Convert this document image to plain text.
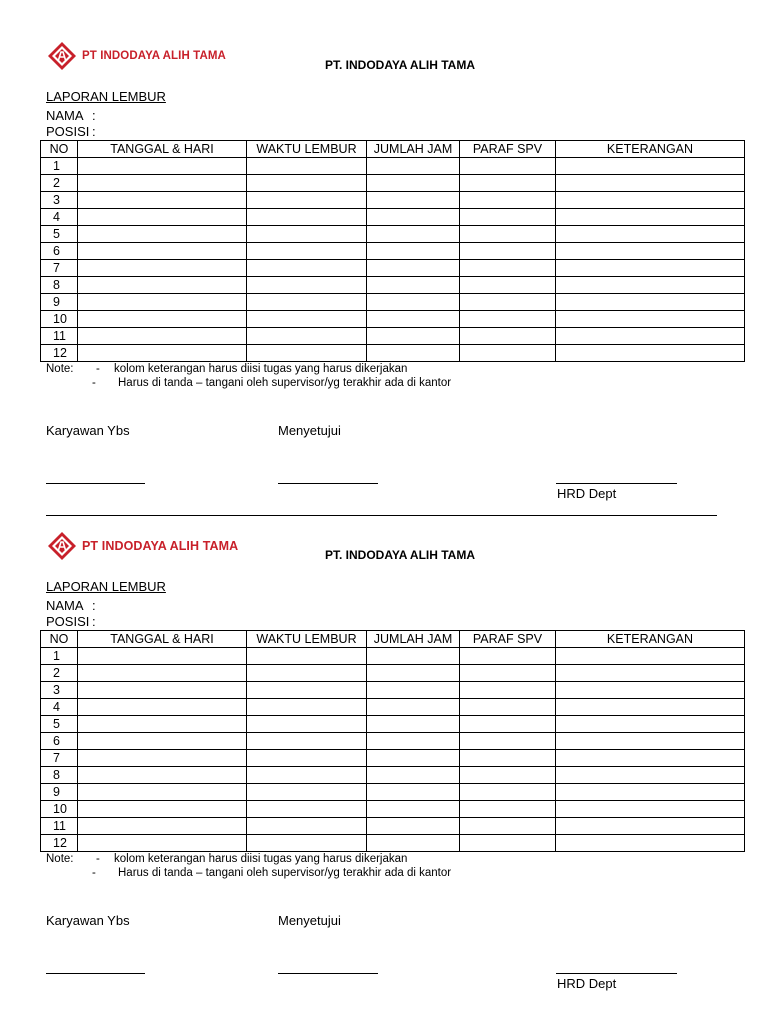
PT INDODAYA ALIH TAMA
PT. INDODAYA ALIH TAMA
LAPORAN LEMBUR
NAMA :
POSISI :
NO	TANGGAL & HARI	WAKTU LEMBUR	JUMLAH JAM	PARAF SPV	KETERANGAN
1					
2					
3					
4					
5					
6					
7					
8					
9					
10					
11					
12					
Note: - kolom keterangan harus diisi tugas yang harus dikerjakan
- Harus di tanda – tangani oleh supervisor/yg terakhir ada di kantor
Karyawan Ybs	Menyetujui
HRD Dept
PT INDODAYA ALIH TAMA
PT. INDODAYA ALIH TAMA
LAPORAN LEMBUR
NAMA :
POSISI :
NO	TANGGAL & HARI	WAKTU LEMBUR	JUMLAH JAM	PARAF SPV	KETERANGAN
1					
2					
3					
4					
5					
6					
7					
8					
9					
10					
11					
12					
Note: - kolom keterangan harus diisi tugas yang harus dikerjakan
- Harus di tanda – tangani oleh supervisor/yg terakhir ada di kantor
Karyawan Ybs	Menyetujui
HRD Dept
